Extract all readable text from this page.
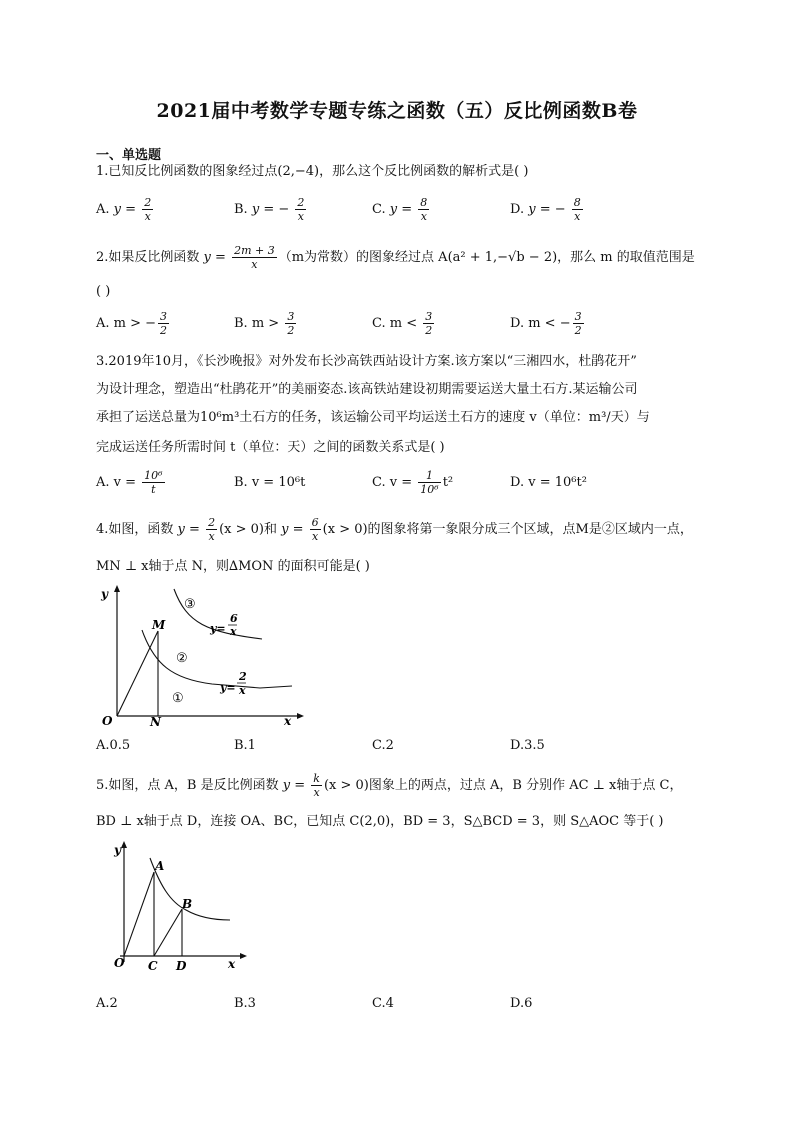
2021届中考数学专题专练之函数（五）反比例函数B卷
一、单选题
1.已知反比例函数的图象经过点(2,−4)，那么这个反比例函数的解析式是( )
A. $y = \frac{2}{x}$	B. y = − $\frac{2}{x}$	C. $y = \frac{8}{x}$	D. y = − $\frac{8}{x}$
2.如果反比例函数 $y = \frac{2m + 3}{x} (m$为常数）的图象经过点 A(a² + 1,−√b − 2)，那么 m 的取值范围是
( )
A. m > − $\frac{3}{2}$	B. $m > \frac{3}{2}$	C. $m < \frac{3}{2}$	D. m < − $\frac{3}{2}$
3.2019年10月，《长沙晚报》对外发布长沙高铁西站设计方案.该方案以“三湘四水，杜鹃花开”
为设计理念，塑造出“杜鹃花开”的美丽姿态.该高铁站建设初期需要运送大量土石方.某运输公司
承担了运送总量为10⁶m³土石方的任务，该运输公司平均运送土石方的速度 v（单位：m³/天）与
完成运送任务所需时间 t（单位：天）之间的函数关系式是( )
A. $v = \frac{\text{10⁶}}{t}$	B. v = 10⁶t	C. $v = \frac{1}{\text{10⁶}} t^2$	D. v = 10⁶t²
4.如图，函数 $y = \frac{2}{x} (x > 0)$和 $y = \frac{6}{x} (x > 0)$的图象将第一象限分成三个区域，点M是②区域内一点，
MN ⊥ x轴于点 N，则∆MON 的面积可能是( )
y
x
O
M
N
③
②
①
y=
6
x
y=
2
x
A.0.5	B.1	C.2	D.3.5
5.如图，点 A，B 是反比例函数 $y = \frac{k}{x} (x > 0)$图象上的两点，过点 A，B 分别作 AC ⊥ x轴于点 C，
BD ⊥ x轴于点 D，连接 OA、BC，已知点 C(2,0)，BD = 3，S△BCD = 3，则 S△AOC 等于( )
y
x
O
A
B
C D
A.2	B.3	C.4	D.6
